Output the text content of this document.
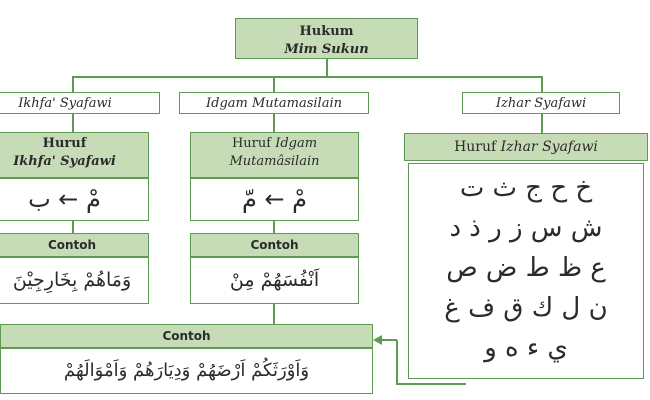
Hukum
Mim Sukun
Ikhfa' Syafawi	Idgam Mutamasilain	Izhar Syafawi
Huruf
Ikhfa' Syafawi
Huruf Idgam
Mutamâsilain
Huruf Izhar Syafawi
مْ ← ب	مْ ← مّ	خ ح ج ث ت
ش س ز ر ذ د
ع ظ ط ض ص
ن ل ك ق ف غ
ي ء ه و
Contoh	Contoh
وَمَاهُمْ بِخَارِجِيْنَ	اَنْفُسَهُمْ مِنْ
Contoh
وَاَوْرَثَكُمْ اَرْضَهُمْ وَدِيَارَهُمْ وَاَمْوَالَهُمْ
